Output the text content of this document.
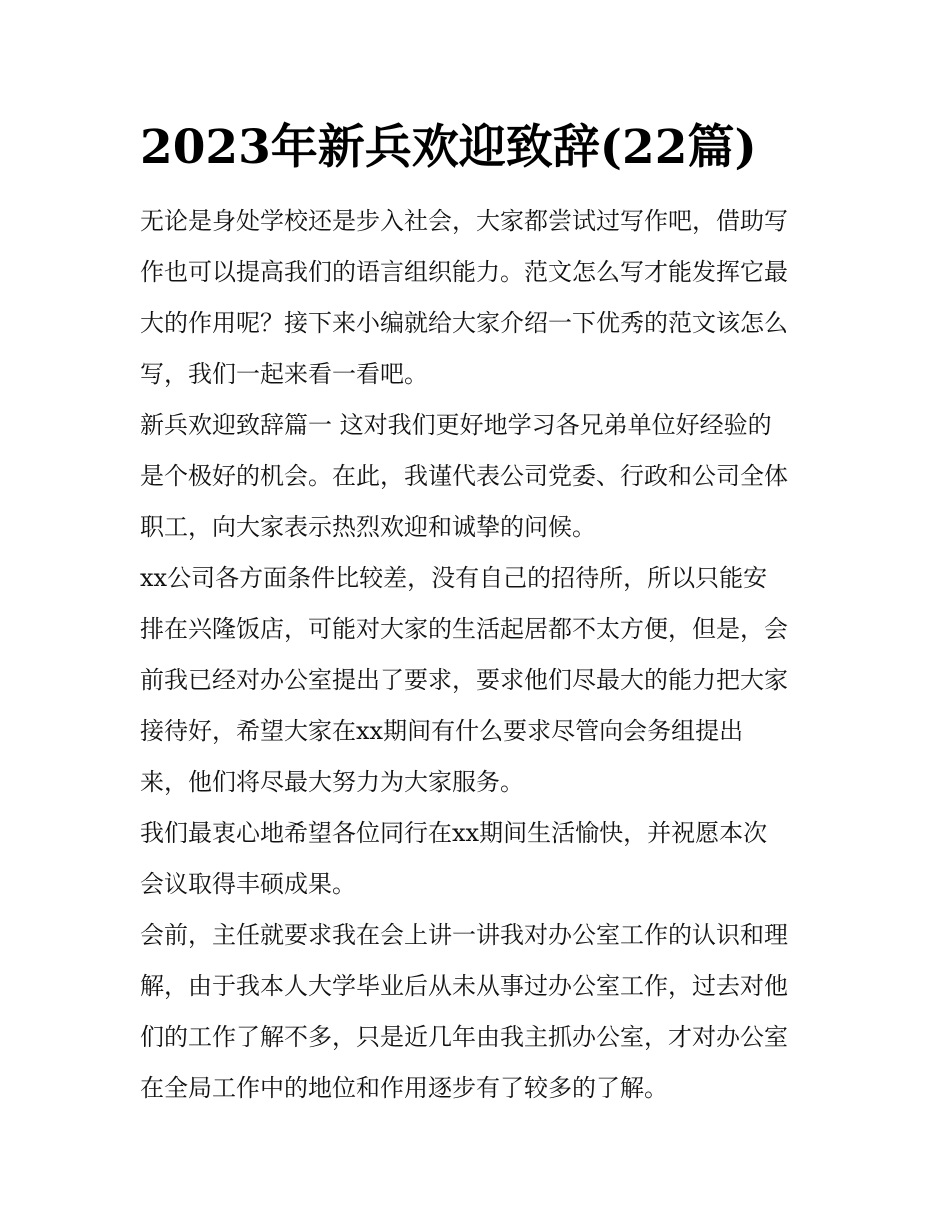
2023年新兵欢迎致辞(22篇)

无论是身处学校还是步入社会，大家都尝试过写作吧，借助写
作也可以提高我们的语言组织能力。范文怎么写才能发挥它最
大的作用呢？接下来小编就给大家介绍一下优秀的范文该怎么
写，我们一起来看一看吧。

新兵欢迎致辞篇一 这对我们更好地学习各兄弟单位好经验的
是个极好的机会。在此，我谨代表公司党委、行政和公司全体
职工，向大家表示热烈欢迎和诚挚的问候。

xx公司各方面条件比较差，没有自己的招待所，所以只能安
排在兴隆饭店，可能对大家的生活起居都不太方便，但是，会
前我已经对办公室提出了要求，要求他们尽最大的能力把大家
接待好，希望大家在xx期间有什么要求尽管向会务组提出
来，他们将尽最大努力为大家服务。

我们最衷心地希望各位同行在xx期间生活愉快，并祝愿本次
会议取得丰硕成果。

会前，主任就要求我在会上讲一讲我对办公室工作的认识和理
解，由于我本人大学毕业后从未从事过办公室工作，过去对他
们的工作了解不多，只是近几年由我主抓办公室，才对办公室
在全局工作中的地位和作用逐步有了较多的了解。
